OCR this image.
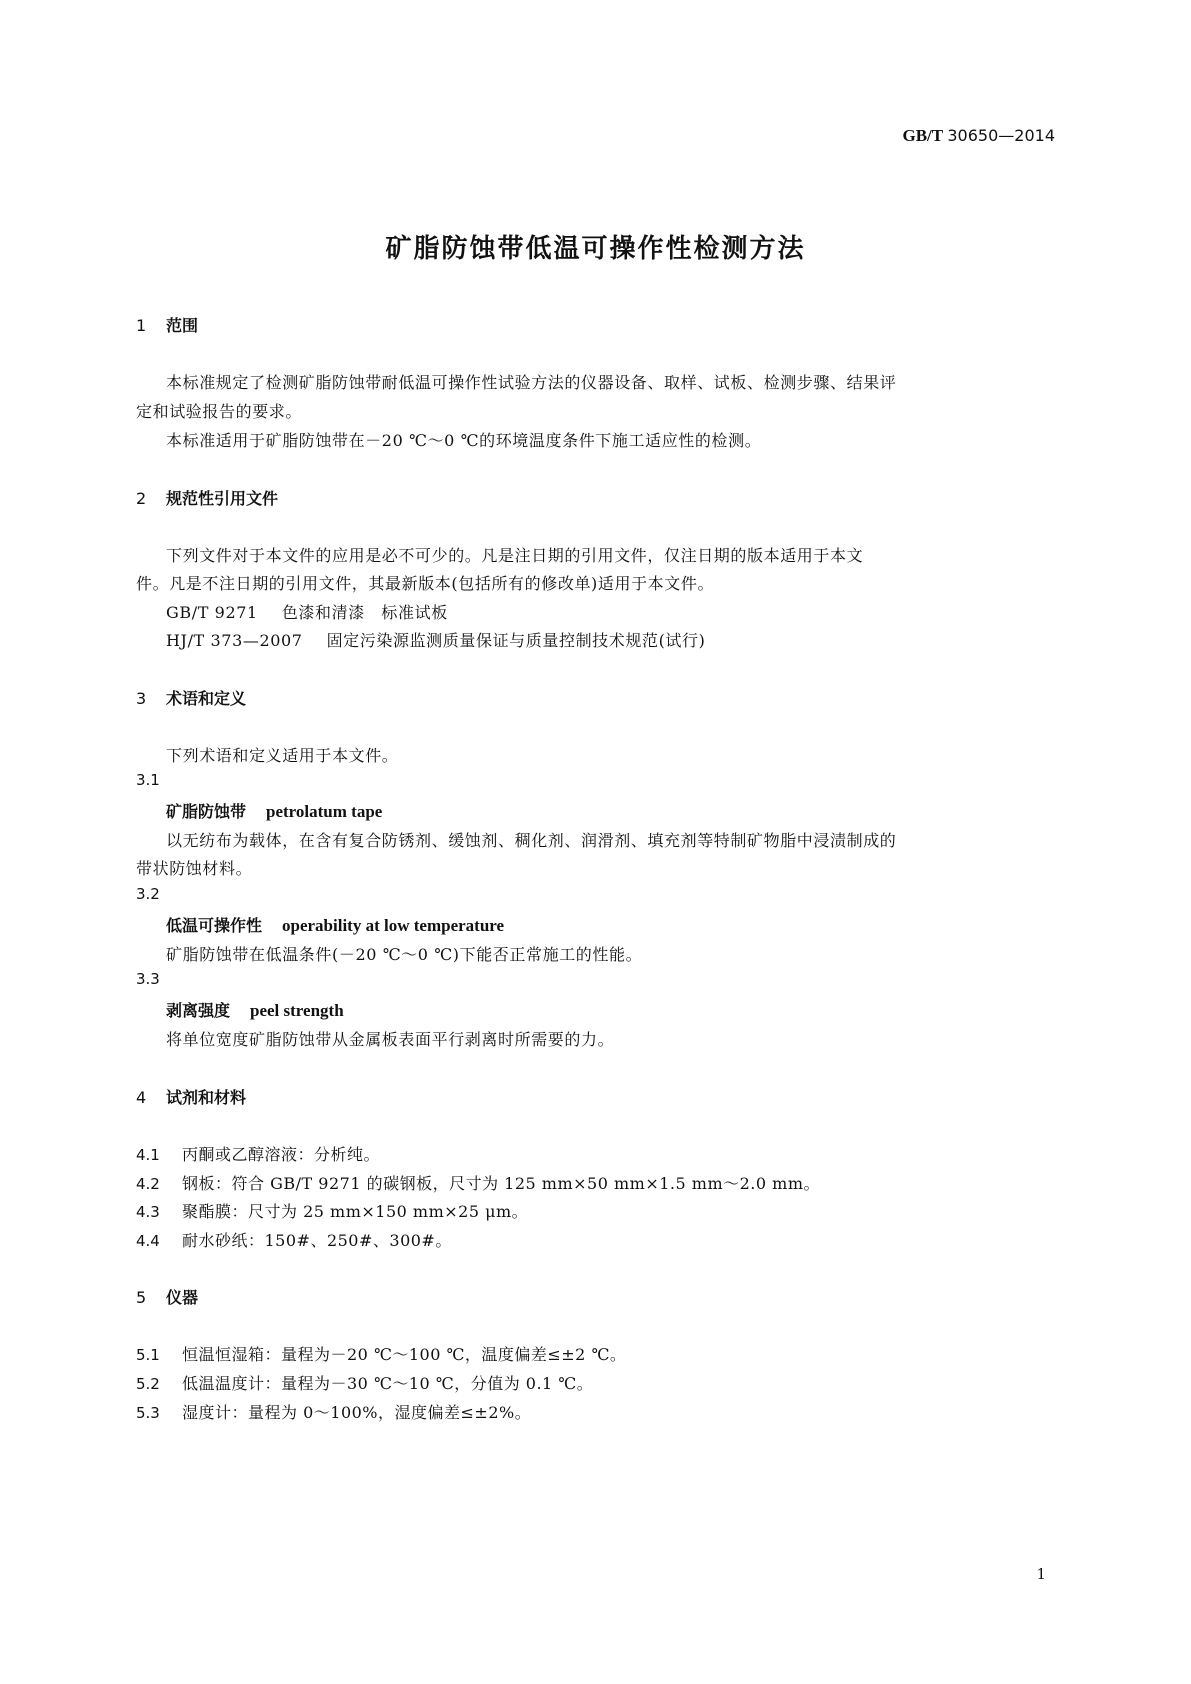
GB/T 30650—2014
矿脂防蚀带低温可操作性检测方法
1 范围
本标准规定了检测矿脂防蚀带耐低温可操作性试验方法的仪器设备、取样、试板、检测步骤、结果评
定和试验报告的要求。
本标准适用于矿脂防蚀带在－20 ℃～0 ℃的环境温度条件下施工适应性的检测。
2 规范性引用文件
下列文件对于本文件的应用是必不可少的。凡是注日期的引用文件，仅注日期的版本适用于本文
件。凡是不注日期的引用文件，其最新版本(包括所有的修改单)适用于本文件。
GB/T 9271 色漆和清漆　标准试板
HJ/T 373—2007 固定污染源监测质量保证与质量控制技术规范(试行)
3 术语和定义
下列术语和定义适用于本文件。
3.1
矿脂防蚀带 petrolatum tape
以无纺布为载体，在含有复合防锈剂、缓蚀剂、稠化剂、润滑剂、填充剂等特制矿物脂中浸渍制成的
带状防蚀材料。
3.2
低温可操作性 operability at low temperature
矿脂防蚀带在低温条件(－20 ℃～0 ℃)下能否正常施工的性能。
3.3
剥离强度 peel strength
将单位宽度矿脂防蚀带从金属板表面平行剥离时所需要的力。
4 试剂和材料
4.1 丙酮或乙醇溶液：分析纯。
4.2 钢板：符合 GB/T 9271 的碳钢板，尺寸为 125 mm×50 mm×1.5 mm～2.0 mm。
4.3 聚酯膜：尺寸为 25 mm×150 mm×25 μm。
4.4 耐水砂纸：150#、250#、300#。
5 仪器
5.1 恒温恒湿箱：量程为－20 ℃～100 ℃，温度偏差≤±2 ℃。
5.2 低温温度计：量程为－30 ℃～10 ℃，分值为 0.1 ℃。
5.3 湿度计：量程为 0～100%，湿度偏差≤±2%。
1
